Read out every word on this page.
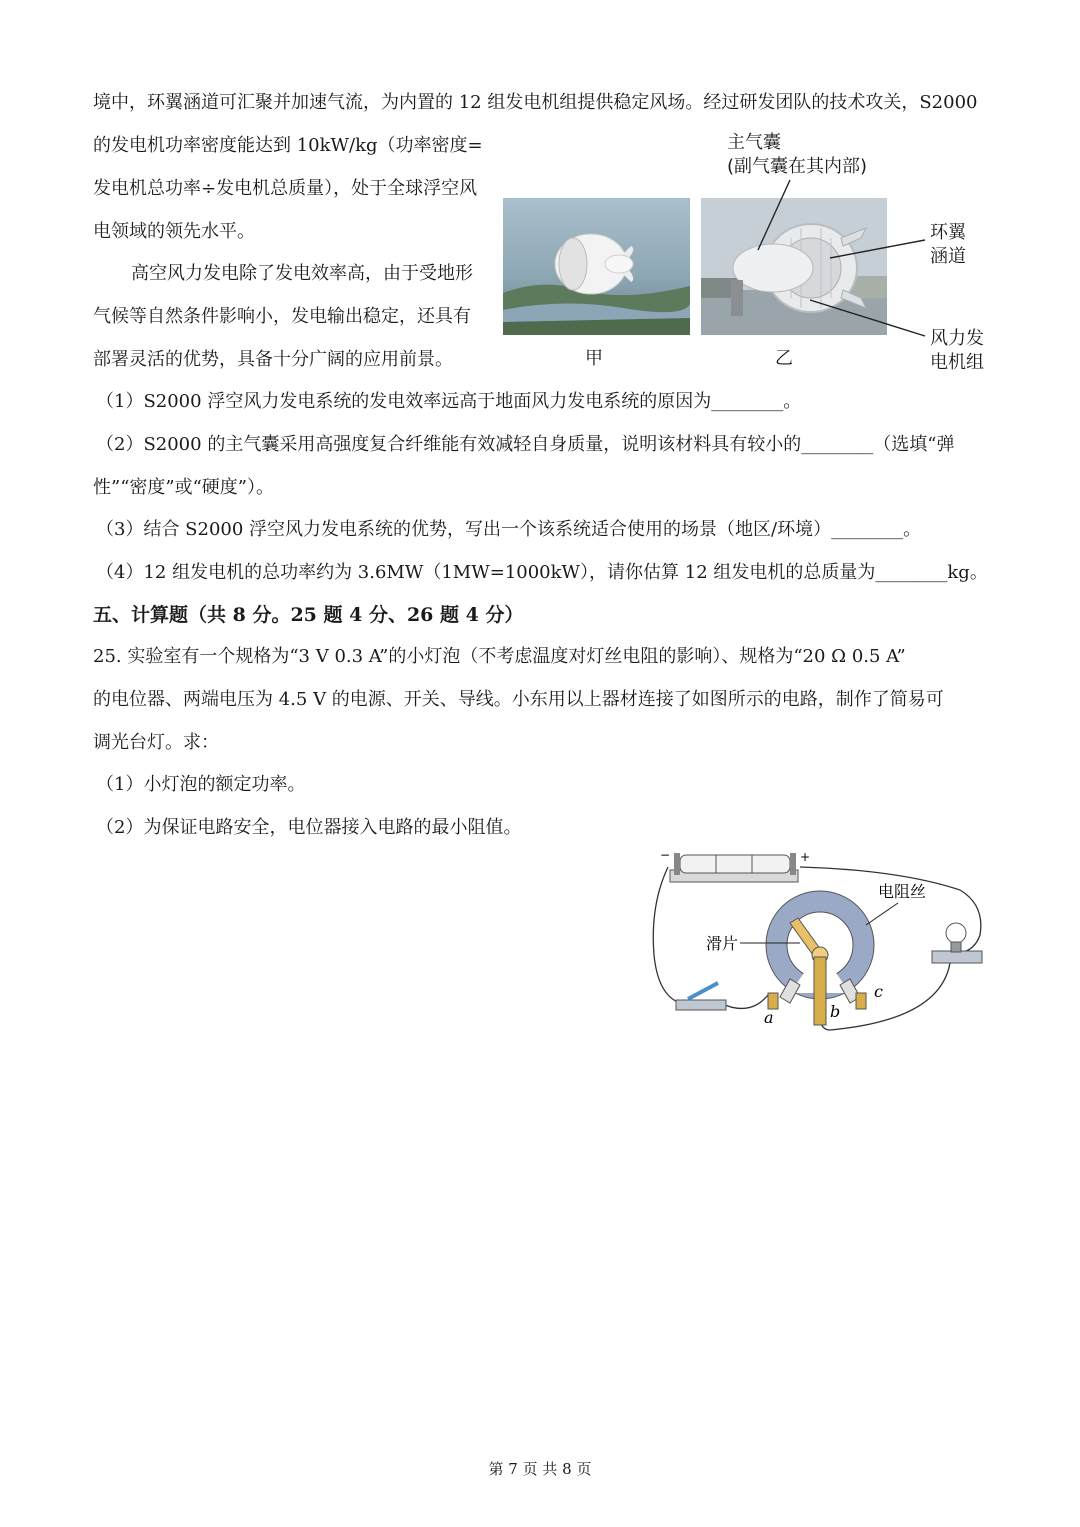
境中，环翼涵道可汇聚并加速气流，为内置的 12 组发电机组提供稳定风场。经过研发团队的技术攻关，S2000
的发电机功率密度能达到 10kW/kg（功率密度=
发电机总功率÷发电机总质量），处于全球浮空风
电领域的领先水平。
高空风力发电除了发电效率高，由于受地形
气候等自然条件影响小，发电输出稳定，还具有
部署灵活的优势，具备十分广阔的应用前景。
主气囊
(副气囊在其内部)
环翼
涵道
风力发
电机组
甲	乙
（1）S2000 浮空风力发电系统的发电效率远高于地面风力发电系统的原因为________。
（2）S2000 的主气囊采用高强度复合纤维能有效减轻自身质量，说明该材料具有较小的________（选填“弹
性”“密度”或“硬度”）。
（3）结合 S2000 浮空风力发电系统的优势，写出一个该系统适合使用的场景（地区/环境）________。
（4）12 组发电机的总功率约为 3.6MW（1MW=1000kW），请你估算 12 组发电机的总质量为________kg。
五、计算题（共 8 分。25 题 4 分、26 题 4 分）
25. 实验室有一个规格为“3 V 0.3 A”的小灯泡（不考虑温度对灯丝电阻的影响）、规格为“20 Ω 0.5 A”
的电位器、两端电压为 4.5 V 的电源、开关、导线。小东用以上器材连接了如图所示的电路，制作了简易可
调光台灯。求：
（1）小灯泡的额定功率。
（2）为保证电路安全，电位器接入电路的最小阻值。
电阻丝
滑片
a	b
c
−	+
第 7 页 共 8 页
